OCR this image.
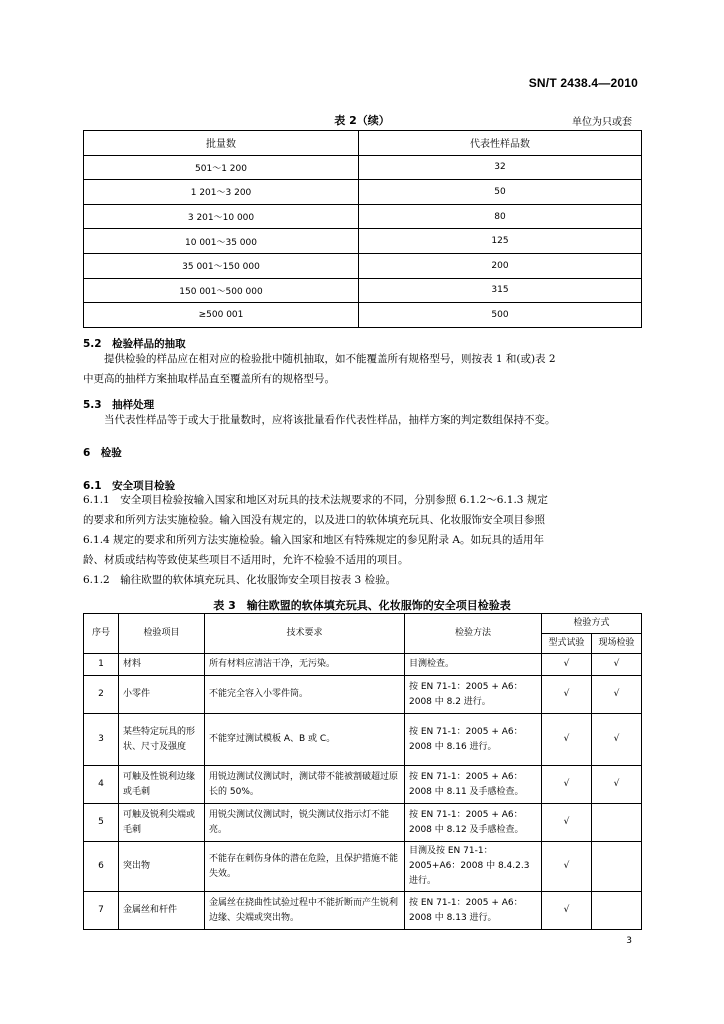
SN/T 2438.4—2010
表 2（续）	单位为只或套
批量数	代表性样品数
501～1 200	32
1 201～3 200	50
3 201～10 000	80
10 001～35 000	125
35 001～150 000	200
150 001～500 000	315
≥500 001	500
5.2　检验样品的抽取
提供检验的样品应在相对应的检验批中随机抽取，如不能覆盖所有规格型号，则按表 1 和(或)表 2
中更高的抽样方案抽取样品直至覆盖所有的规格型号。
5.3　抽样处理
当代表性样品等于或大于批量数时，应将该批量看作代表性样品，抽样方案的判定数组保持不变。
6　检验
6.1　安全项目检验
6.1.1　安全项目检验按输入国家和地区对玩具的技术法规要求的不同，分别参照 6.1.2～6.1.3 规定
的要求和所列方法实施检验。输入国没有规定的，以及进口的软体填充玩具、化妆服饰安全项目参照
6.1.4 规定的要求和所列方法实施检验。输入国家和地区有特殊规定的参见附录 A。如玩具的适用年
龄、材质或结构等致使某些项目不适用时，允许不检验不适用的项目。
6.1.2　输往欧盟的软体填充玩具、化妆服饰安全项目按表 3 检验。
表 3　输往欧盟的软体填充玩具、化妆服饰的安全项目检验表
序号	检验项目	技术要求	检验方法	检验方式	
				型式试验	现场检验
1	材料	所有材料应清洁干净，无污染。	目测检查。	√	√
2	小零件	不能完全容入小零件筒。	按 EN 71-1：2005 + A6：2008 中 8.2 进行。	√	√
3	某些特定玩具的形状、尺寸及强度	不能穿过测试模板 A、B 或 C。	按 EN 71-1：2005 + A6：2008 中 8.16 进行。	√	√
4	可触及性锐利边缘或毛刺	用锐边测试仪测试时，测试带不能被割破超过原长的 50%。	按 EN 71-1：2005 + A6：2008 中 8.11 及手感检查。	√	√
5	可触及锐利尖端或毛刺	用锐尖测试仪测试时，锐尖测试仪指示灯不能亮。	按 EN 71-1：2005 + A6：2008 中 8.12 及手感检查。	√	
6	突出物	不能存在刺伤身体的潜在危险，且保护措施不能失效。	目测及按 EN 71-1：2005+A6：2008 中 8.4.2.3 进行。	√	
7	金属丝和杆件	金属丝在挠曲性试验过程中不能折断而产生锐利边缘、尖端或突出物。	按 EN 71-1：2005 + A6：2008 中 8.13 进行。	√	
3
